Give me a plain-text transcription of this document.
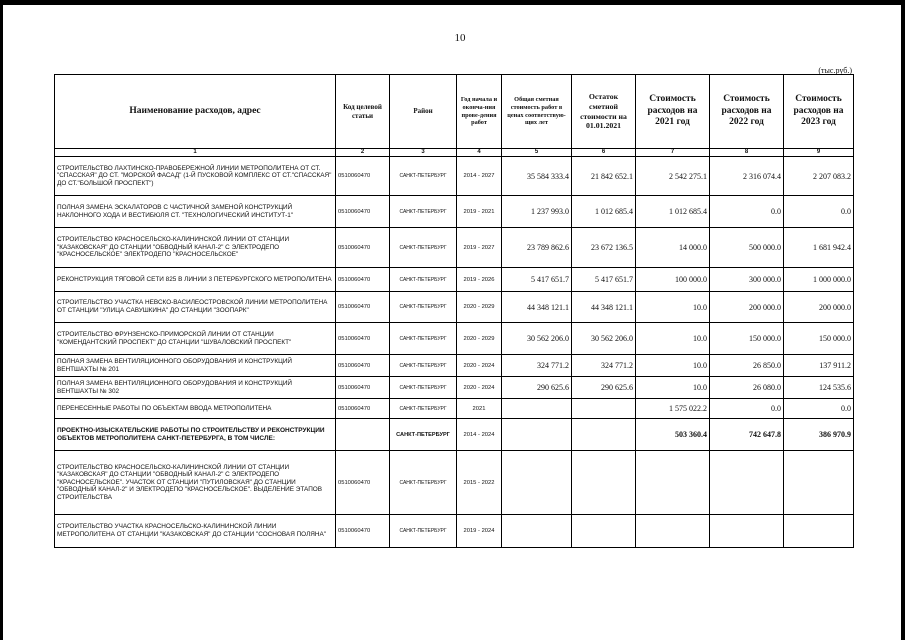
10
(тыс.руб.)
Наименование расходов, адрес	Код целевой статьи	Район	Год начала и оконча-ния прове-дения работ	Общая сметная стоимость работ в ценах соответствую-щих лет	Остаток сметной стоимости на 01.01.2021	Стоимость расходов на 2021 год	Стоимость расходов на 2022 год	Стоимость расходов на 2023 год
1	2	3	4	5	6	7	8	9
СТРОИТЕЛЬСТВО ЛАХТИНСКО-ПРАВОБЕРЕЖНОЙ ЛИНИИ МЕТРОПОЛИТЕНА ОТ СТ. "СПАССКАЯ" ДО СТ. "МОРСКОЙ ФАСАД" (1-Й ПУСКОВОЙ КОМПЛЕКС ОТ СТ."СПАССКАЯ" ДО СТ."БОЛЬШОЙ ПРОСПЕКТ")	0510060470	САНКТ-ПЕТЕРБУРГ	2014 - 2027	35 584 333.4	21 842 652.1	2 542 275.1	2 316 074.4	2 207 083.2
ПОЛНАЯ ЗАМЕНА ЭСКАЛАТОРОВ С ЧАСТИЧНОЙ ЗАМЕНОЙ КОНСТРУКЦИЙ НАКЛОННОГО ХОДА И ВЕСТИБЮЛЯ СТ. "ТЕХНОЛОГИЧЕСКИЙ ИНСТИТУТ-1"	0510060470	САНКТ-ПЕТЕРБУРГ	2019 - 2021	1 237 993.0	1 012 685.4	1 012 685.4	0.0	0.0
СТРОИТЕЛЬСТВО КРАСНОСЕЛЬСКО-КАЛИНИНСКОЙ ЛИНИИ ОТ СТАНЦИИ "КАЗАКОВСКАЯ" ДО СТАНЦИИ "ОБВОДНЫЙ КАНАЛ-2" С ЭЛЕКТРОДЕПО "КРАСНОСЕЛЬСКОЕ" ЭЛЕКТРОДЕПО "КРАСНОСЕЛЬСКОЕ"	0510060470	САНКТ-ПЕТЕРБУРГ	2019 - 2027	23 789 862.6	23 672 136.5	14 000.0	500 000.0	1 681 942.4
РЕКОНСТРУКЦИЯ ТЯГОВОЙ СЕТИ 825 В ЛИНИИ 3 ПЕТЕРБУРГСКОГО МЕТРОПОЛИТЕНА	0510060470	САНКТ-ПЕТЕРБУРГ	2019 - 2026	5 417 651.7	5 417 651.7	100 000.0	300 000.0	1 000 000.0
СТРОИТЕЛЬСТВО УЧАСТКА НЕВСКО-ВАСИЛЕОСТРОВСКОЙ ЛИНИИ МЕТРОПОЛИТЕНА ОТ СТАНЦИИ "УЛИЦА САВУШКИНА" ДО СТАНЦИИ "ЗООПАРК"	0510060470	САНКТ-ПЕТЕРБУРГ	2020 - 2029	44 348 121.1	44 348 121.1	10.0	200 000.0	200 000.0
СТРОИТЕЛЬСТВО ФРУНЗЕНСКО-ПРИМОРСКОЙ ЛИНИИ ОТ СТАНЦИИ "КОМЕНДАНТСКИЙ ПРОСПЕКТ" ДО СТАНЦИИ "ШУВАЛОВСКИЙ ПРОСПЕКТ"	0510060470	САНКТ-ПЕТЕРБУРГ	2020 - 2029	30 562 206.0	30 562 206.0	10.0	150 000.0	150 000.0
ПОЛНАЯ ЗАМЕНА ВЕНТИЛЯЦИОННОГО ОБОРУДОВАНИЯ И КОНСТРУКЦИЙ ВЕНТШАХТЫ № 201	0510060470	САНКТ-ПЕТЕРБУРГ	2020 - 2024	324 771.2	324 771.2	10.0	26 850.0	137 911.2
ПОЛНАЯ ЗАМЕНА ВЕНТИЛЯЦИОННОГО ОБОРУДОВАНИЯ И КОНСТРУКЦИЙ ВЕНТШАХТЫ № 302	0510060470	САНКТ-ПЕТЕРБУРГ	2020 - 2024	290 625.6	290 625.6	10.0	26 080.0	124 535.6
ПЕРЕНЕСЕННЫЕ РАБОТЫ ПО ОБЪЕКТАМ ВВОДА МЕТРОПОЛИТЕНА	0510060470	САНКТ-ПЕТЕРБУРГ	2021			1 575 022.2	0.0	0.0
ПРОЕКТНО-ИЗЫСКАТЕЛЬСКИЕ РАБОТЫ ПО СТРОИТЕЛЬСТВУ И РЕКОНСТРУКЦИИ ОБЪЕКТОВ МЕТРОПОЛИТЕНА САНКТ-ПЕТЕРБУРГА, В ТОМ ЧИСЛЕ:		САНКТ-ПЕТЕРБУРГ	2014 - 2024			503 360.4	742 647.8	386 970.9
СТРОИТЕЛЬСТВО КРАСНОСЕЛЬСКО-КАЛИНИНСКОЙ ЛИНИИ ОТ СТАНЦИИ "КАЗАКОВСКАЯ" ДО СТАНЦИИ "ОБВОДНЫЙ КАНАЛ-2" С ЭЛЕКТРОДЕПО "КРАСНОСЕЛЬСКОЕ". УЧАСТОК ОТ СТАНЦИИ "ПУТИЛОВСКАЯ" ДО СТАНЦИИ "ОБВОДНЫЙ КАНАЛ-2" И ЭЛЕКТРОДЕПО "КРАСНОСЕЛЬСКОЕ". ВЫДЕЛЕНИЕ ЭТАПОВ СТРОИТЕЛЬСТВА	0510060470	САНКТ-ПЕТЕРБУРГ	2015 - 2022					
СТРОИТЕЛЬСТВО УЧАСТКА КРАСНОСЕЛЬСКО-КАЛИНИНСКОЙ ЛИНИИ МЕТРОПОЛИТЕНА ОТ СТАНЦИИ "КАЗАКОВСКАЯ" ДО СТАНЦИИ "СОСНОВАЯ ПОЛЯНА"	0510060470	САНКТ-ПЕТЕРБУРГ	2019 - 2024					
